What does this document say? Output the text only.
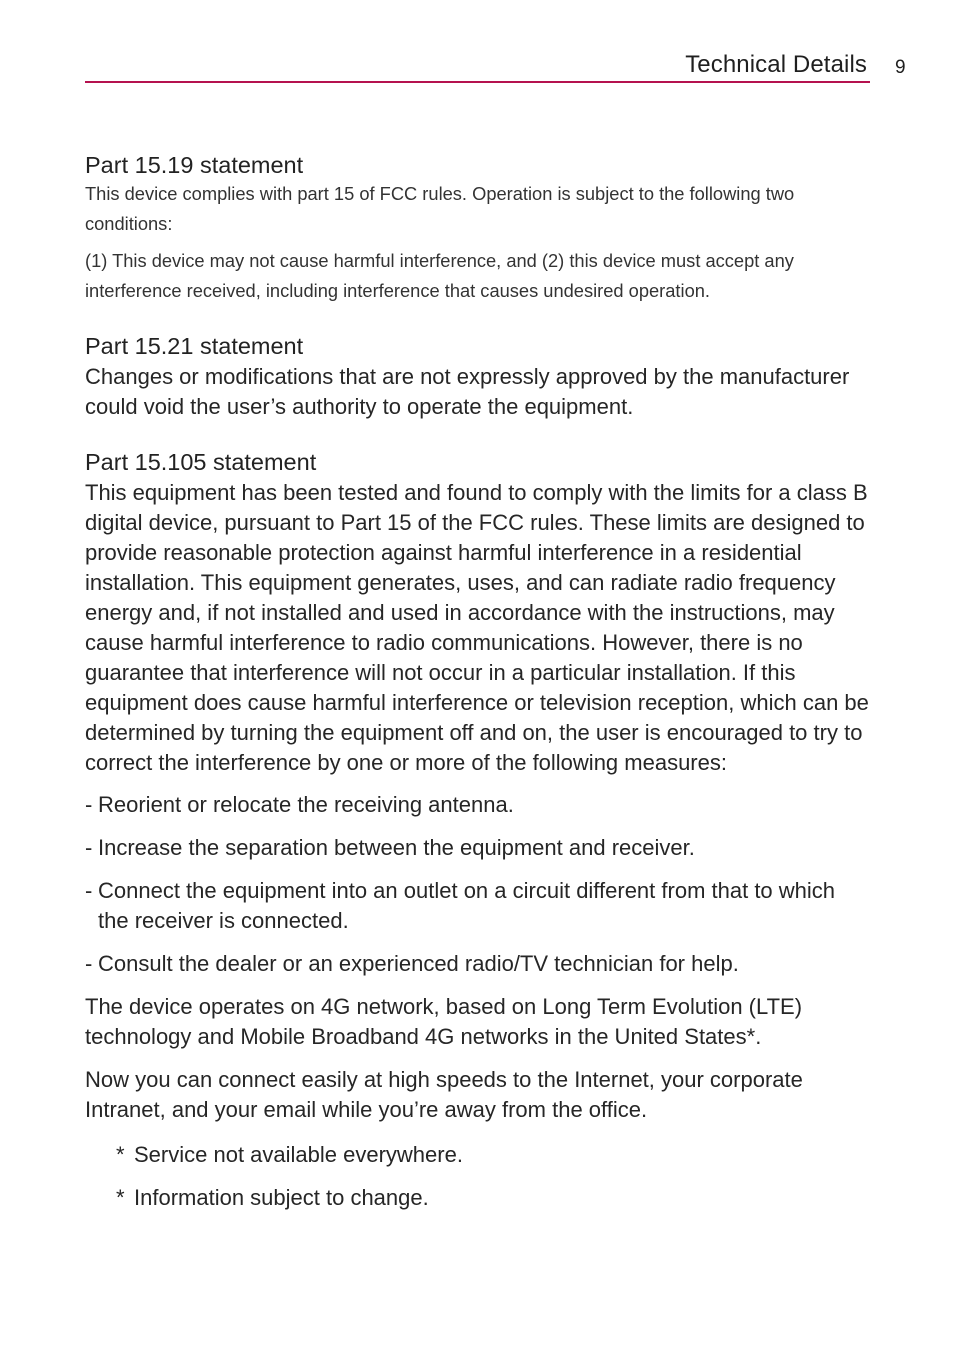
Technical Details 9
Part 15.19 statement

This device complies with part 15 of FCC rules. Operation is subject to the following two conditions:

(1) This device may not cause harmful interference, and (2) this device must accept any interference received, including interference that causes undesired operation.

Part 15.21 statement

Changes or modifications that are not expressly approved by the manufacturer could void the user’s authority to operate the equipment.

Part 15.105 statement

This equipment has been tested and found to comply with the limits for a class B digital device, pursuant to Part 15 of the FCC rules. These limits are designed to provide reasonable protection against harmful interference in a residential installation. This equipment generates, uses, and can radiate radio frequency energy and, if not installed and used in accordance with the instructions, may cause harmful interference to radio communications. However, there is no guarantee that interference will not occur in a particular installation. If this equipment does cause harmful interference or television reception, which can be determined by turning the equipment off and on, the user is encouraged to try to correct the interference by one or more of the following measures:

- Reorient or relocate the receiving antenna.
- Increase the separation between the equipment and receiver.
- Connect the equipment into an outlet on a circuit different from that to which the receiver is connected.
- Consult the dealer or an experienced radio/TV technician for help.

The device operates on 4G network, based on Long Term Evolution (LTE) technology and Mobile Broadband 4G networks in the United States*.

Now you can connect easily at high speeds to the Internet, your corporate Intranet, and your email while you’re away from the office.

* Service not available everywhere.
* Information subject to change.
